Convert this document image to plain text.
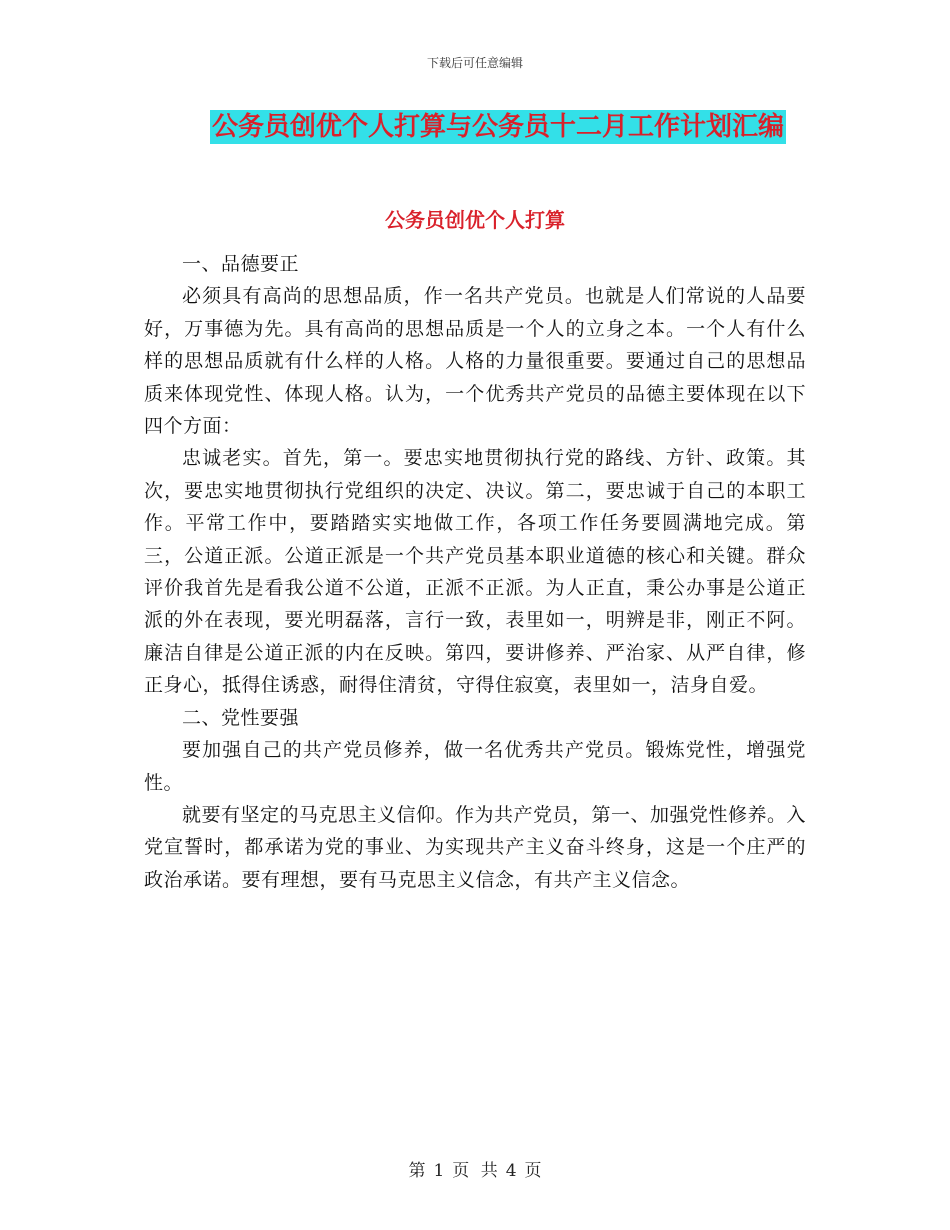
下载后可任意编辑
公务员创优个人打算与公务员十二月工作计划汇编
公务员创优个人打算

一、品德要正

必须具有高尚的思想品质，作一名共产党员。也就是人们常说的人品要好，万事德为先。具有高尚的思想品质是一个人的立身之本。一个人有什么样的思想品质就有什么样的人格。人格的力量很重要。要通过自己的思想品质来体现党性、体现人格。认为，一个优秀共产党员的品德主要体现在以下四个方面：

忠诚老实。首先，第一。要忠实地贯彻执行党的路线、方针、政策。其次，要忠实地贯彻执行党组织的决定、决议。第二，要忠诚于自己的本职工作。平常工作中，要踏踏实实地做工作，各项工作任务要圆满地完成。第三，公道正派。公道正派是一个共产党员基本职业道德的核心和关键。群众评价我首先是看我公道不公道，正派不正派。为人正直，秉公办事是公道正派的外在表现，要光明磊落，言行一致，表里如一，明辨是非，刚正不阿。廉洁自律是公道正派的内在反映。第四，要讲修养、严治家、从严自律，修正身心，抵得住诱惑，耐得住清贫，守得住寂寞，表里如一，洁身自爱。

二、党性要强

要加强自己的共产党员修养，做一名优秀共产党员。锻炼党性，增强党性。

就要有坚定的马克思主义信仰。作为共产党员，第一、加强党性修养。入党宣誓时，都承诺为党的事业、为实现共产主义奋斗终身，这是一个庄严的政治承诺。要有理想，要有马克思主义信念，有共产主义信念。

第 1 页 共 4 页
